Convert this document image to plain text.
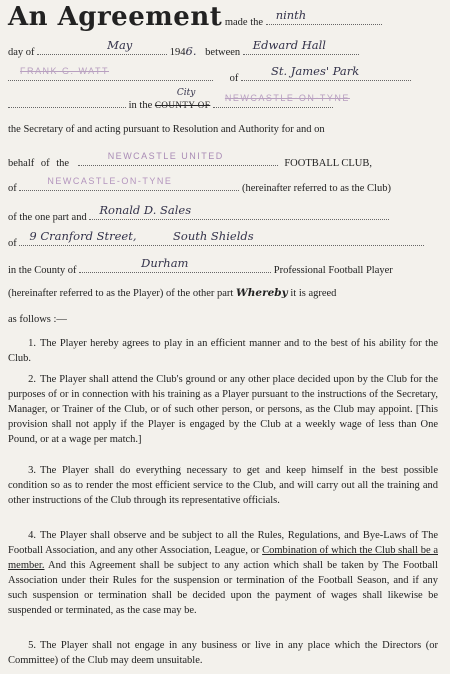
An Agreement made the
ninth
day of
May
1946. between
Edward Hall
FRANK G. WATT
of
St. James' Park
in the
City
COUNTY OF
NEWCASTLE-ON-TYNE
the Secretary of and acting pursuant to Resolution and Authority for and on
behalf of the
NEWCASTLE UNITED
FOOTBALL CLUB,
of
NEWCASTLE-ON-TYNE
(hereinafter referred to as the Club)
of the one part and
Ronald D. Sales
of
9 Cranford Street,          South Shields
in the County of
Durham
Professional Football Player
(hereinafter referred to as the Player) of the other part Whereby it is agreed
as follows :—
1. The Player hereby agrees to play in an efficient manner and to the best of his ability for the Club.
2. The Player shall attend the Club's ground or any other place decided upon by the Club for the purposes of or in connection with his training as a Player pursuant to the instructions of the Secretary, Manager, or Trainer of the Club, or of such other person, or persons, as the Club may appoint. [This provision shall not apply if the Player is engaged by the Club at a weekly wage of less than One Pound, or at a wage per match.]
3. The Player shall do everything necessary to get and keep himself in the best possible condition so as to render the most efficient service to the Club, and will carry out all the training and other instructions of the Club through its representative officials.
4. The Player shall observe and be subject to all the Rules, Regulations, and Bye-Laws of The Football Association, and any other Association, League, or Combination of which the Club shall be a member. And this Agreement shall be subject to any action which shall be taken by The Football Association under their Rules for the suspension or termination of the Football Season, and if any such suspension or termination shall be decided upon the payment of wages shall likewise be suspended or terminated, as the case may be.
5. The Player shall not engage in any business or live in any place which the Directors (or Committee) of the Club may deem unsuitable.
